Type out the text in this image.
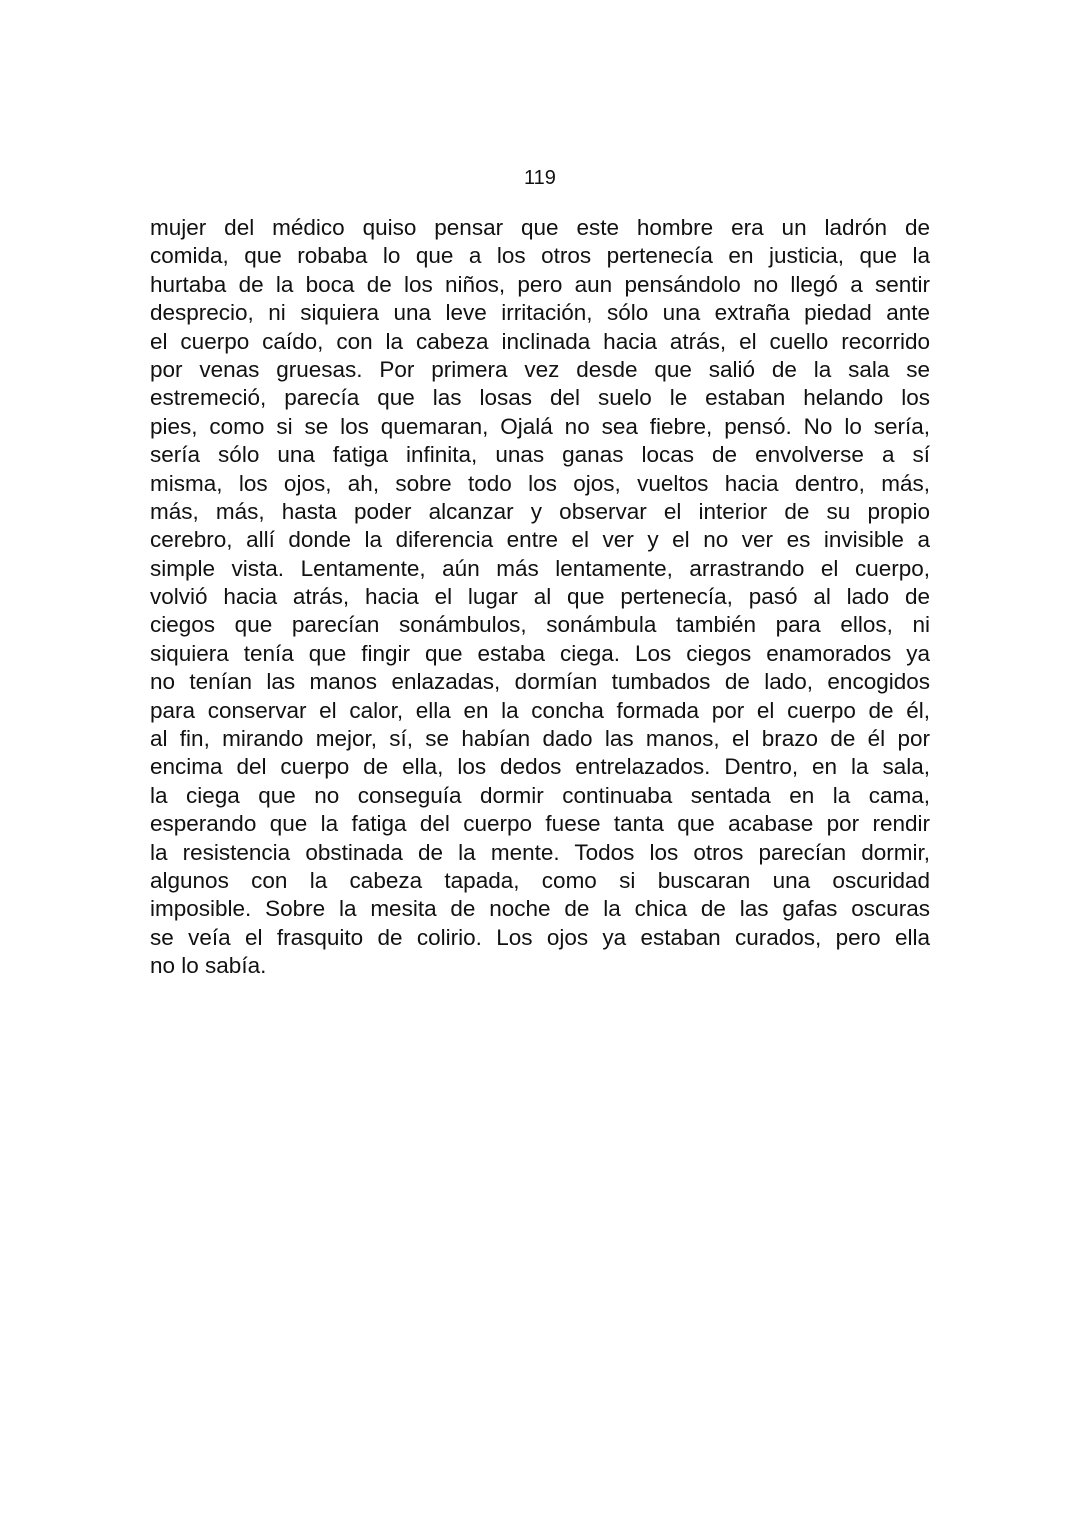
119
mujer del médico quiso pensar que este hombre era un ladrón de
comida, que robaba lo que a los otros pertenecía en justicia, que la
hurtaba de la boca de los niños, pero aun pensándolo no llegó a sentir
desprecio, ni siquiera una leve irritación, sólo una extraña piedad ante
el cuerpo caído, con la cabeza inclinada hacia atrás, el cuello recorrido
por venas gruesas. Por primera vez desde que salió de la sala se
estremeció, parecía que las losas del suelo le estaban helando los
pies, como si se los quemaran, Ojalá no sea fiebre, pensó. No lo sería,
sería sólo una fatiga infinita, unas ganas locas de envolverse a sí
misma, los ojos, ah, sobre todo los ojos, vueltos hacia dentro, más,
más, más, hasta poder alcanzar y observar el interior de su propio
cerebro, allí donde la diferencia entre el ver y el no ver es invisible a
simple vista. Lentamente, aún más lentamente, arrastrando el cuerpo,
volvió hacia atrás, hacia el lugar al que pertenecía, pasó al lado de
ciegos que parecían sonámbulos, sonámbula también para ellos, ni
siquiera tenía que fingir que estaba ciega. Los ciegos enamorados ya
no tenían las manos enlazadas, dormían tumbados de lado, encogidos
para conservar el calor, ella en la concha formada por el cuerpo de él,
al fin, mirando mejor, sí, se habían dado las manos, el brazo de él por
encima del cuerpo de ella, los dedos entrelazados. Dentro, en la sala,
la ciega que no conseguía dormir continuaba sentada en la cama,
esperando que la fatiga del cuerpo fuese tanta que acabase por rendir
la resistencia obstinada de la mente. Todos los otros parecían dormir,
algunos con la cabeza tapada, como si buscaran una oscuridad
imposible. Sobre la mesita de noche de la chica de las gafas oscuras
se veía el frasquito de colirio. Los ojos ya estaban curados, pero ella
no lo sabía.
